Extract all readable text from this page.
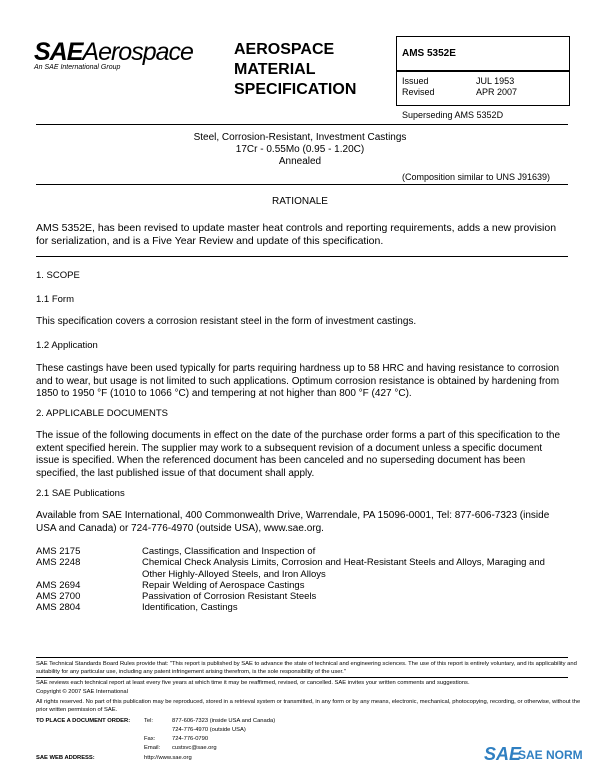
SAEAerospace
An SAE International Group
AEROSPACE
MATERIAL
SPECIFICATION
AMS 5352E
Issued	JUL 1953
Revised	APR 2007
Superseding AMS 5352D
Steel, Corrosion-Resistant, Investment Castings
17Cr - 0.55Mo (0.95 - 1.20C)
Annealed
(Composition similar to UNS J91639)
RATIONALE
AMS 5352E, has been revised to update master heat controls and reporting requirements, adds a new provision for serialization, and is a Five Year Review and update of this specification.
1. SCOPE
1.1 Form
This specification covers a corrosion resistant steel in the form of investment castings.
1.2 Application
These castings have been used typically for parts requiring hardness up to 58 HRC and having resistance to corrosion and to wear, but usage is not limited to such applications. Optimum corrosion resistance is obtained by hardening from 1850 to 1950 °F (1010 to 1066 °C) and tempering at not higher than 800 °F (427 °C).
2. APPLICABLE DOCUMENTS
The issue of the following documents in effect on the date of the purchase order forms a part of this specification to the extent specified herein. The supplier may work to a subsequent revision of a document unless a specific document issue is specified. When the referenced document has been canceled and no superseding document has been specified, the last published issue of that document shall apply.
2.1 SAE Publications
Available from SAE International, 400 Commonwealth Drive, Warrendale, PA 15096-0001, Tel: 877-606-7323 (inside USA and Canada) or 724-776-4970 (outside USA), www.sae.org.
AMS 2175	Castings, Classification and Inspection of
AMS 2248	Chemical Check Analysis Limits, Corrosion and Heat-Resistant Steels and Alloys, Maraging and Other Highly-Alloyed Steels, and Iron Alloys
AMS 2694	Repair Welding of Aerospace Castings
AMS 2700	Passivation of Corrosion Resistant Steels
AMS 2804	Identification, Castings
SAE Technical Standards Board Rules provide that: "This report is published by SAE to advance the state of technical and engineering sciences. The use of this report is entirely voluntary, and its applicability and suitability for any particular use, including any patent infringement arising therefrom, is the sole responsibility of the user."
SAE reviews each technical report at least every five years at which time it may be reaffirmed, revised, or cancelled. SAE invites your written comments and suggestions.
Copyright © 2007 SAE International
All rights reserved. No part of this publication may be reproduced, stored in a retrieval system or transmitted, in any form or by any means, electronic, mechanical, photocopying, recording, or otherwise, without the prior written permission of SAE.
TO PLACE A DOCUMENT ORDER:	Tel:	877-606-7323 (inside USA and Canada)
724-776-4970 (outside USA)
Fax:	724-776-0790
Email:	custsvc@sae.org
SAE WEB ADDRESS:	http://www.sae.org	SAE
SAE NORM
